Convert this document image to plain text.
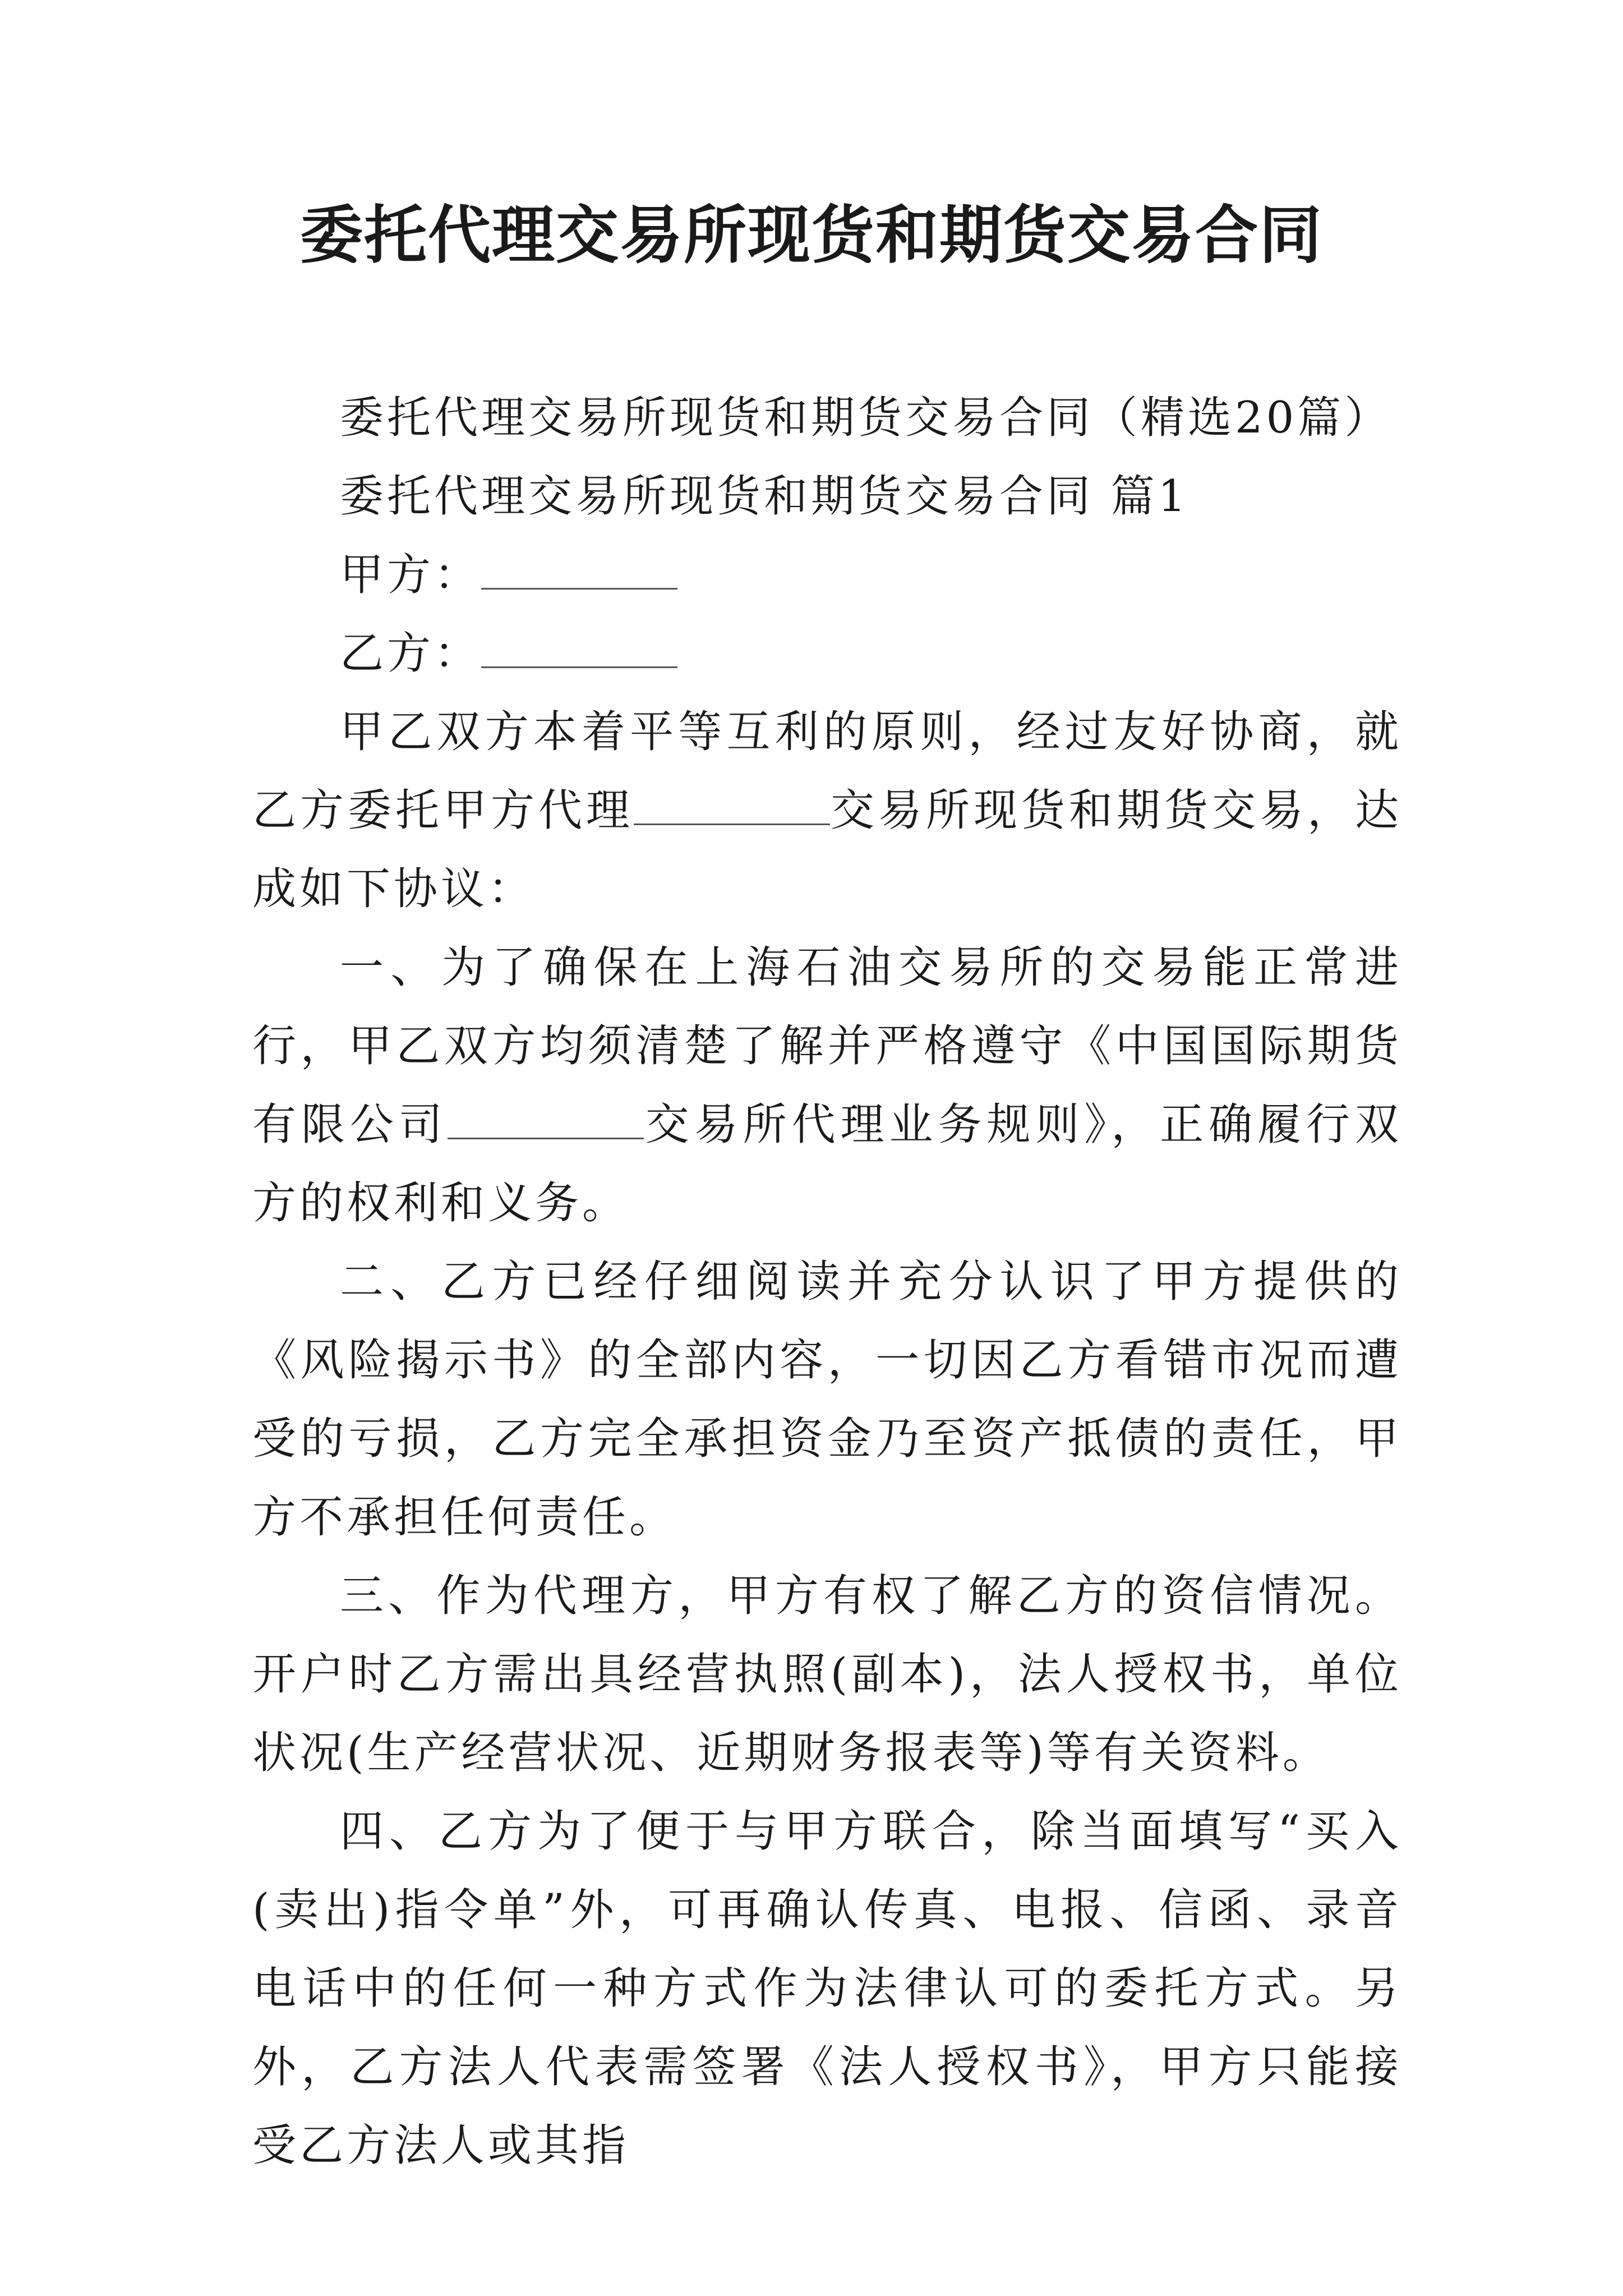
委托代理交易所现货和期货交易合同
委托代理交易所现货和期货交易合同（精选20篇）
委托代理交易所现货和期货交易合同 篇1
甲方：
乙方：
甲乙双方本着平等互利的原则，经过友好协商，就乙方委托甲方代理	交易所现货和期货交易，达成如下协议：
一、为了确保在上海石油交易所的交易能正常进行，甲乙双方均须清楚了解并严格遵守《中国国际期货有限公司	交易所代理业务规则》，正确履行双方的权利和义务。
二、乙方已经仔细阅读并充分认识了甲方提供的《风险揭示书》的全部内容，一切因乙方看错市况而遭受的亏损，乙方完全承担资金乃至资产抵债的责任，甲方不承担任何责任。
三、作为代理方，甲方有权了解乙方的资信情况。开户时乙方需出具经营执照(副本)，法人授权书，单位状况(生产经营状况、近期财务报表等)等有关资料。
四、乙方为了便于与甲方联合，除当面填写“买入(卖出)指令单”外，可再确认传真、电报、信函、录音电话中的任何一种方式作为法律认可的委托方式。另外，乙方法人代表需签署《法人授权书》，甲方只能接受乙方法人或其指
